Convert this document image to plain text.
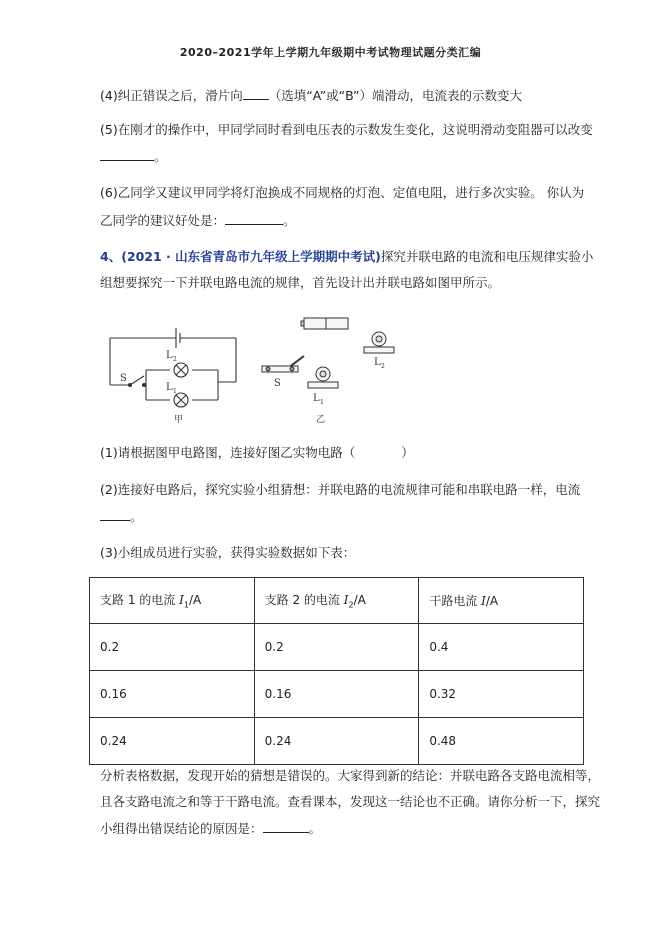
2020–2021学年上学期九年级期中考试物理试题分类汇编
(4)纠正错误之后，滑片向 （选填“A”或“B”）端滑动，电流表的示数变大
(5)在刚才的操作中，甲同学同时看到电压表的示数发生变化，这说明滑动变阻器可以改变
。
(6)乙同学又建议甲同学将灯泡换成不同规格的灯泡、定值电阻，进行多次实验。 你认为
乙同学的建议好处是：	。
4、(2021 · 山东省青岛市九年级上学期期中考试)探究并联电路的电流和电压规律实验小
组想要探究一下并联电路电流的规律，首先设计出并联电路如图甲所示。
S
L 2
L 1
甲
S
L 1
L 2
乙
(1)请根据图甲电路图，连接好图乙实物电路（	）
(2)连接好电路后，探究实验小组猜想：并联电路的电流规律可能和串联电路一样，电流
。
(3)小组成员进行实验，获得实验数据如下表：
支路 1 的电流 $I_1/A$	支路 2 的电流 $I_2/A$	干路电流 I/A
0.2	0.2	0.4
0.16	0.16	0.32
0.24	0.24	0.48
分析表格数据，发现开始的猜想是错误的。大家得到新的结论：并联电路各支路电流相等，
且各支路电流之和等于干路电流。查看课本，发现这一结论也不正确。请你分析一下，探究
小组得出错误结论的原因是：	。
